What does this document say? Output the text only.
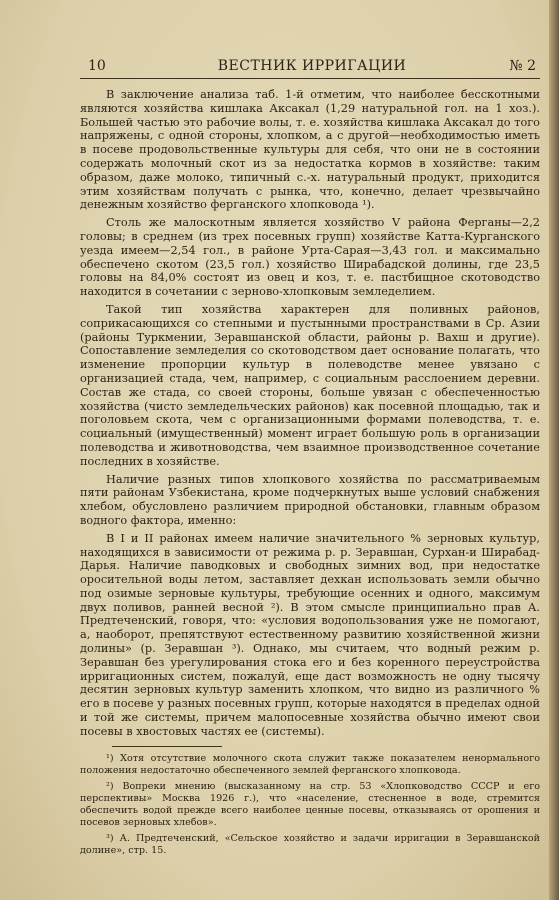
10	ВЕСТНИК ИРРИГАЦИИ	№ 2

В заключение анализа таб. 1-й отметим, что наиболее бесскотными являются хозяйства кишлака Аксакал (1,29 натуральной гол. на 1 хоз.). Большей частью это рабочие волы, т. е. хозяйства кишлака Аксакал до того напряжены, с одной стороны, хлопком, а с другой—необходимостью иметь в посеве продовольственные культуры для себя, что они не в состоянии содержать молочный скот из за недостатка кормов в хозяйстве: таким образом, даже молоко, типичный с.-х. натуральный продукт, приходится этим хозяйствам получать с рынка, что, конечно, делает чрезвычайно денежным хозяйство ферганского хлопковода ¹).

Столь же малоскотным является хозяйство V района Ферганы—2,2 головы; в среднем (из трех посевных групп) хозяйстве Катта-Курганского уезда имеем—2,54 гол., в районе Урта-Сарая—3,43 гол. и максимально обеспечено скотом (23,5 гол.) хозяйство Ширабадской долины, где 23,5 головы на 84,0% состоят из овец и коз, т. е. пастбищное скотоводство находится в сочетании с зерново-хлопковым земледелием.

Такой тип хозяйства характерен для поливных районов, соприкасающихся со степными и пустынными пространствами в Ср. Азии (районы Туркмении, Зеравшанской области, районы р. Вахш и другие). Сопоставление земледелия со скотоводством дает основание полагать, что изменение пропорции культур в полеводстве менее увязано с организацией стада, чем, например, с социальным расслоением деревни. Состав же стада, со своей стороны, больше увязан с обеспеченностью хозяйства (чисто земледельческих районов) как посевной площадью, так и поголовьем скота, чем с организационными формами полеводства, т. е. социальный (имущественный) момент играет большую роль в организации полеводства и животноводства, чем взаимное производственное сочетание последних в хозяйстве.

Наличие разных типов хлопкового хозяйства по рассматриваемым пяти районам Узбекистана, кроме подчеркнутых выше условий снабжения хлебом, обусловлено различием природной обстановки, главным образом водного фактора, именно:

В I и II районах имеем наличие значительного % зерновых культур, находящихся в зависимости от режима р. р. Зеравшан, Сурхан-и Ширабад-Дарья. Наличие паводковых и свободных зимних вод, при недостатке оросительной воды летом, заставляет дехкан использовать земли обычно под озимые зерновые культуры, требующие осенних и одного, максимум двух поливов, ранней весной ²). В этом смысле принципиально прав А. Предтеченский, говоря, что: «условия водопользования уже не помогают, а, наоборот, препятствуют естественному развитию хозяйственной жизни долины» (р. Зеравшан ³). Однако, мы считаем, что водный режим р. Зеравшан без урегулирования стока его и без коренного переустройства ирригационных систем, пожалуй, еще даст возможность не одну тысячу десятин зерновых культур заменить хлопком, что видно из различного % его в посеве у разных посевных групп, которые находятся в пределах одной и той же системы, причем малопосевные хозяйства обычно имеют свои посевы в хвостовых частях ее (системы).

¹) Хотя отсутствие молочного скота служит также показателем ненормального положения недостаточно обеспеченного землей ферганского хлопковода.

²) Вопреки мнению (высказанному на стр. 53 «Хлопководство СССР и его перспективы» Москва 1926 г.), что «население, стесненное в воде, стремится обеспечить водой прежде всего наиболее ценные посевы, отказываясь от орошения и посевов зерновых хлебов».

³) А. Предтеченский, «Сельское хозяйство и задачи ирригации в Зеравшанской долине», стр. 15.
